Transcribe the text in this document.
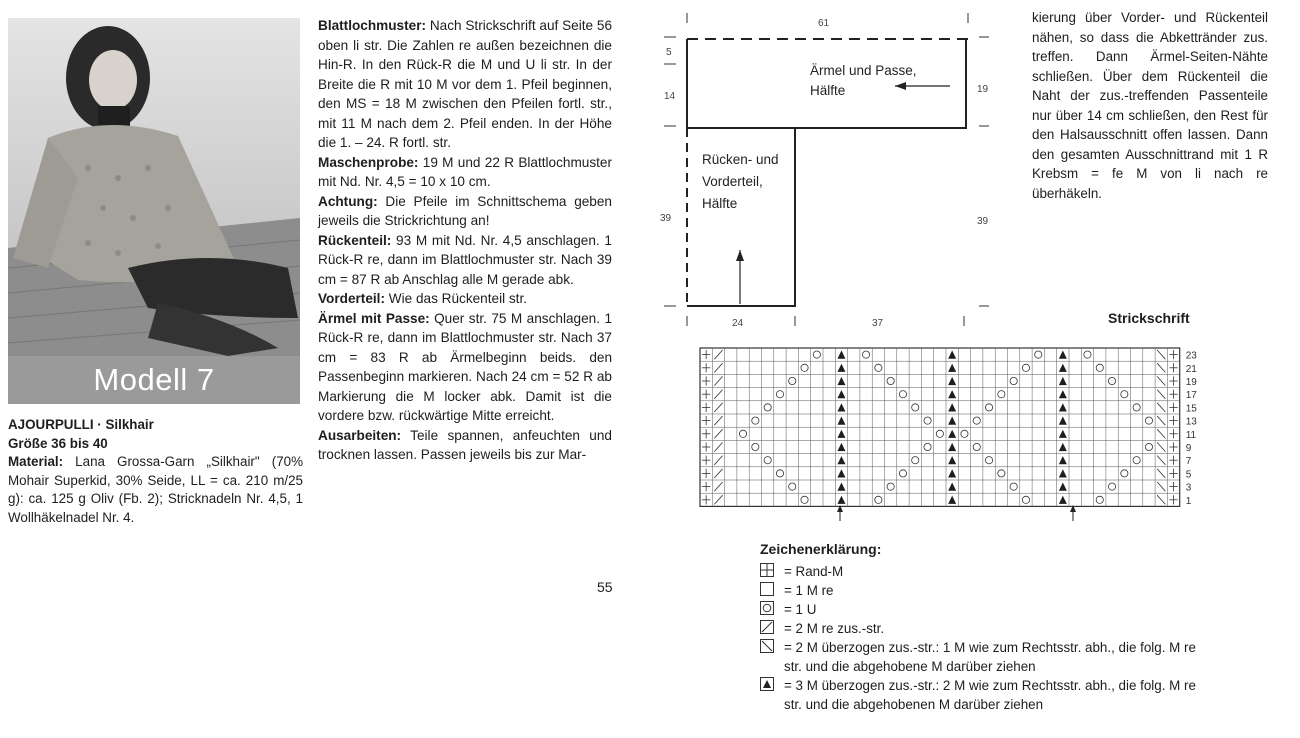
Modell 7
AJOURPULLI · Silkhair
Größe 36 bis 40
Material: Lana Grossa-Garn „Silkhair" (70% Mohair Superkid, 30% Seide, LL = ca. 210 m/25 g): ca. 125 g Oliv (Fb. 2); Stricknadeln Nr. 4,5, 1 Wollhäkelnadel Nr. 4.

Blattlochmuster: Nach Strickschrift auf Seite 56 oben li str. Die Zahlen re außen bezeichnen die Hin-R. In den Rück-R die M und U li str. In der Breite die R mit 10 M vor dem 1. Pfeil beginnen, den MS = 18 M zwischen den Pfeilen fortl. str., mit 11 M nach dem 2. Pfeil enden. In der Höhe die 1. – 24. R fortl. str.

Maschenprobe: 19 M und 22 R Blattlochmuster mit Nd. Nr. 4,5 = 10 x 10 cm.

Achtung: Die Pfeile im Schnittschema geben jeweils die Strickrichtung an!

Rückenteil: 93 M mit Nd. Nr. 4,5 anschlagen. 1 Rück-R re, dann im Blattlochmuster str. Nach 39 cm = 87 R ab Anschlag alle M gerade abk.

Vorderteil: Wie das Rückenteil str.

Ärmel mit Passe: Quer str. 75 M anschlagen. 1 Rück-R re, dann im Blattlochmuster str. Nach 37 cm = 83 R ab Ärmelbeginn beids. den Passenbeginn markieren. Nach 24 cm = 52 R ab Markierung die M locker abk. Damit ist die vordere bzw. rückwärtige Mitte erreicht.

Ausarbeiten: Teile spannen, anfeuchten und trocknen lassen. Passen jeweils bis zur Mar-

55
61
5
14
19
39	39
24	37
Ärmel und Passe,
Hälfte
Rücken- und
Vorderteil,
Hälfte
kierung über Vorder- und Rückenteil nähen, so dass die Abkettränder zus. treffen. Dann Ärmel-Seiten-Nähte schließen. Über dem Rückenteil die Naht der zus.-treffenden Passenteile nur über 14 cm schließen, den Rest für den Halsausschnitt offen lassen. Dann den gesamten Ausschnittrand mit 1 R Krebsm = fe M von li nach re überhäkeln.
Strickschrift
23
21
19
17
15
13
11
9
7
5
3
1
Zeichenerklärung:
= Rand-M
= 1 M re
= 1 U
= 2 M re zus.-str.
= 2 M überzogen zus.-str.: 1 M wie zum Rechtsstr. abh., die folg. M re str. und die abgehobene M darüber ziehen
= 3 M überzogen zus.-str.: 2 M wie zum Rechtsstr. abh., die folg. M re str. und die abgehobenen M darüber ziehen
